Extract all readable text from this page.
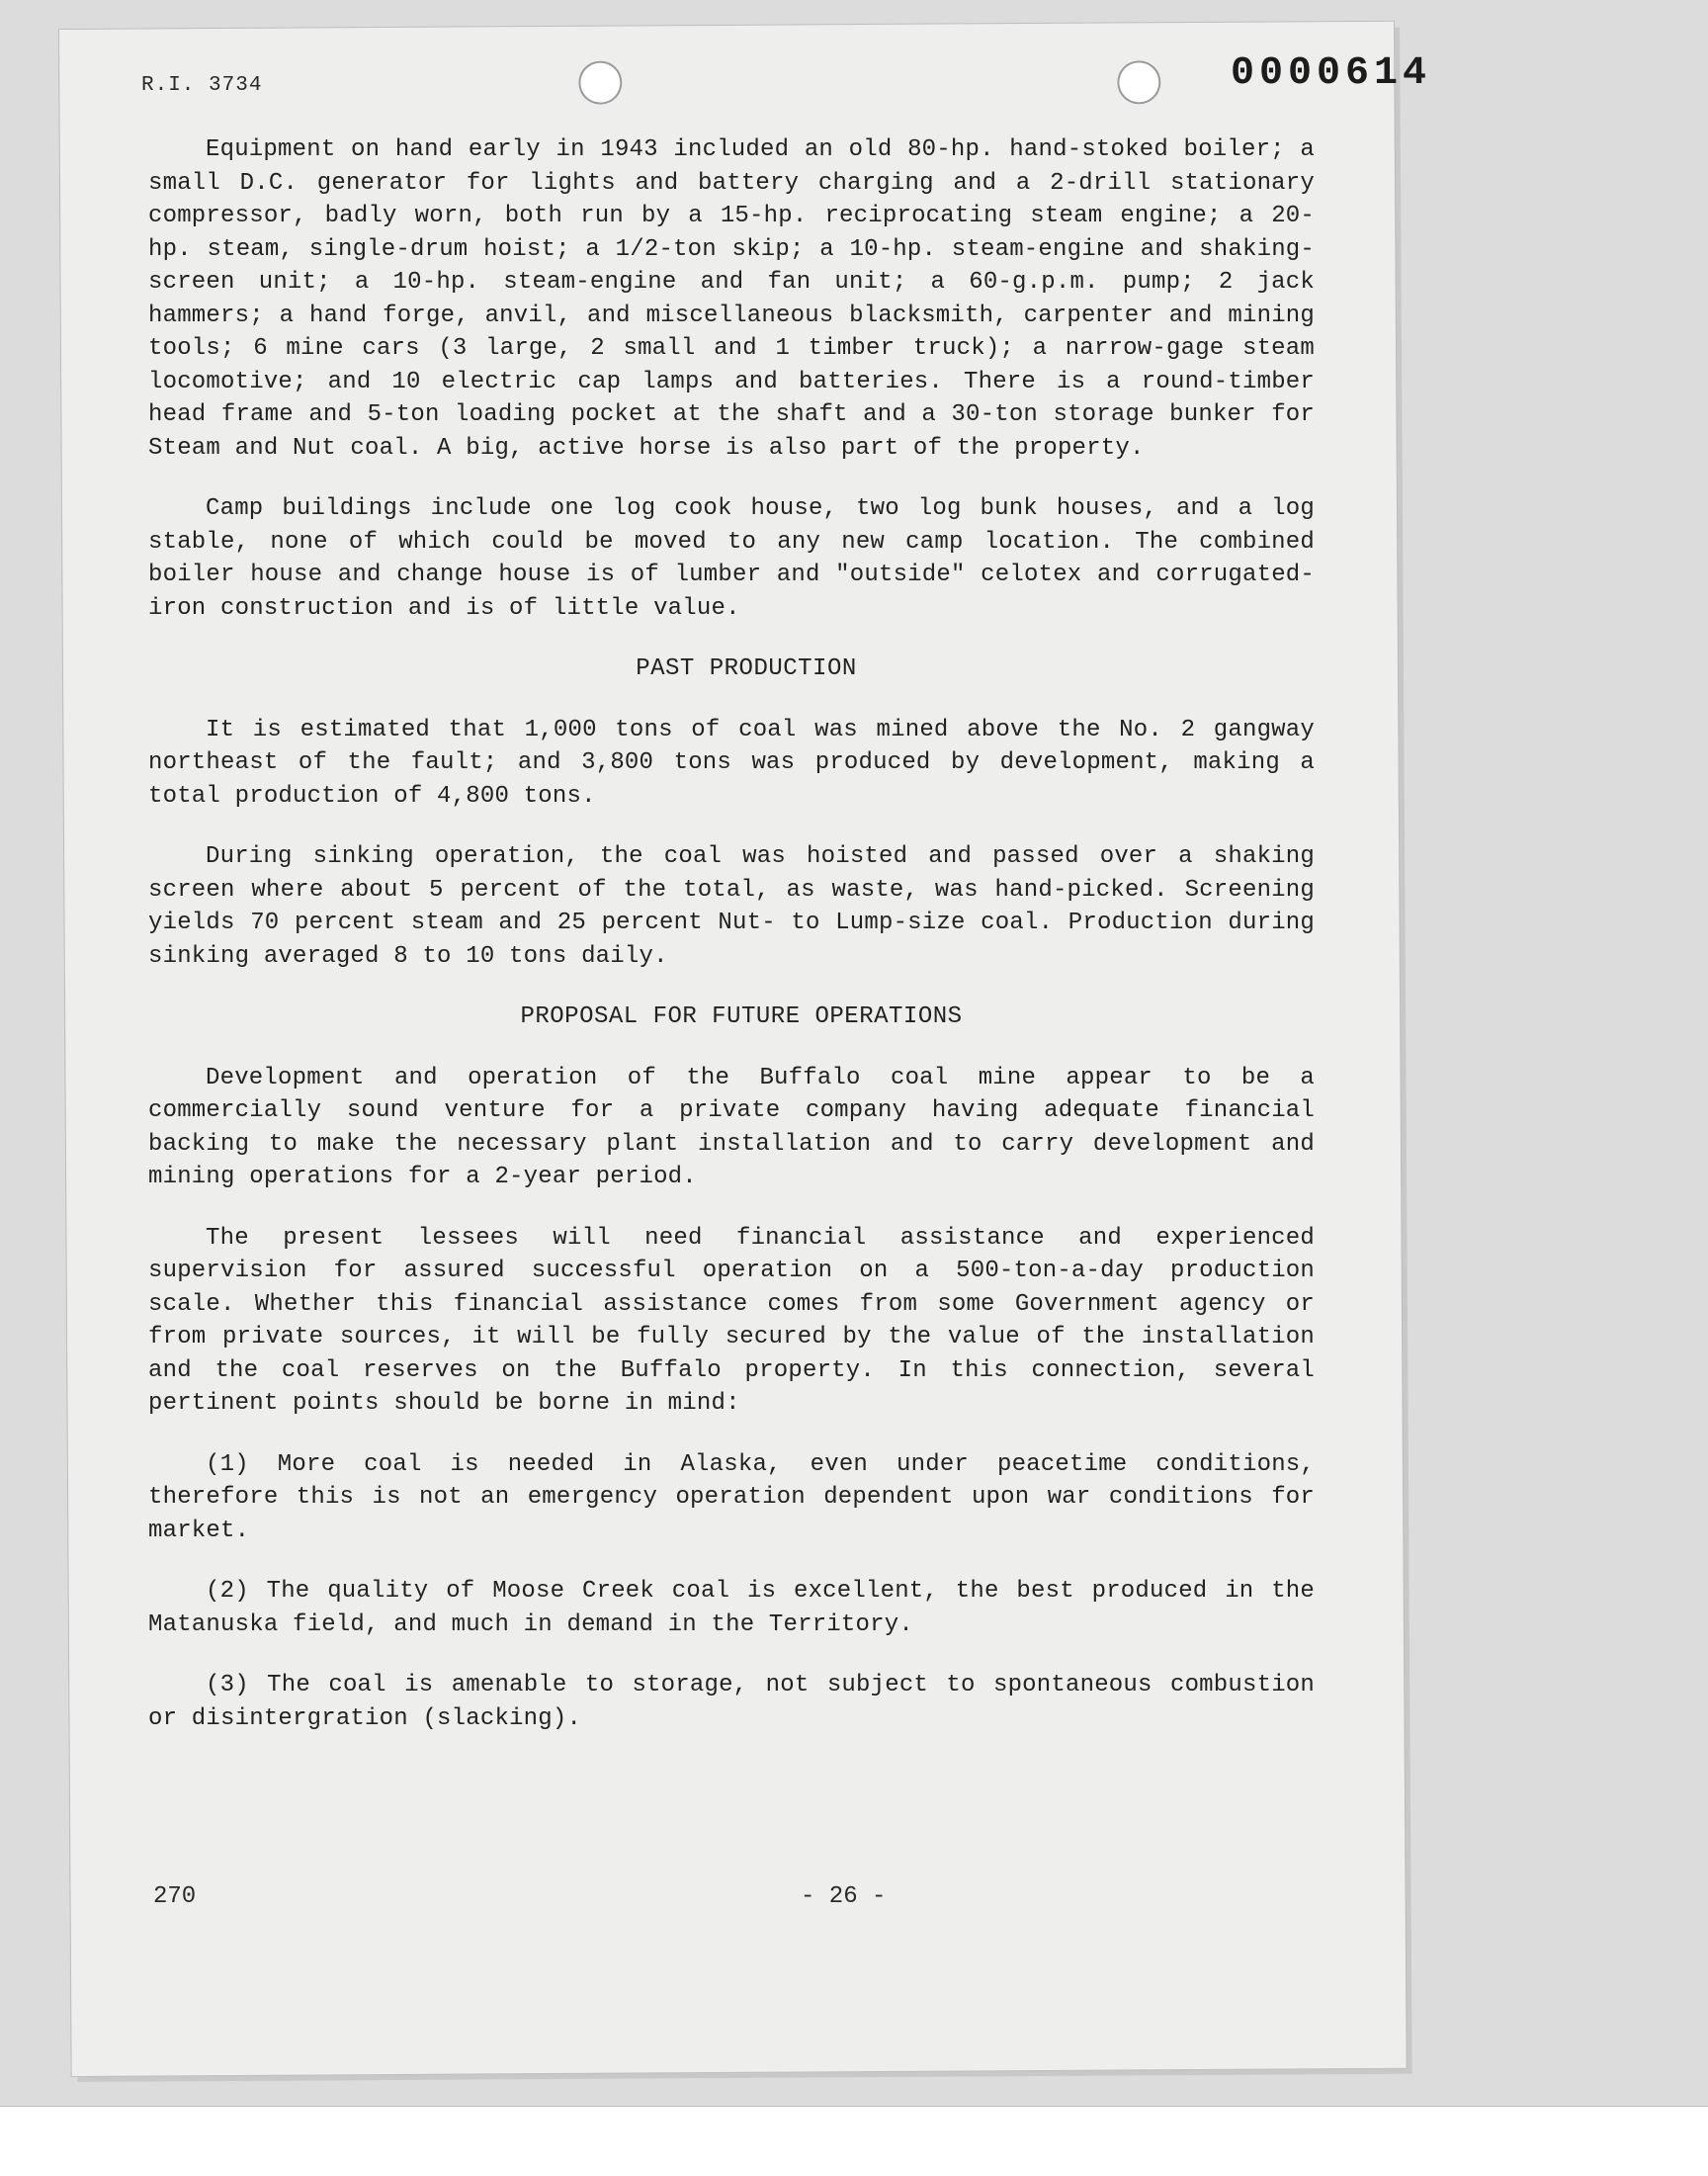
R.I. 3734	0000614

Equipment on hand early in 1943 included an old 80-hp. hand-stoked boiler; a small D.C. generator for lights and battery charging and a 2-drill stationary compressor, badly worn, both run by a 15-hp. reciprocating steam engine; a 20-hp. steam, single-drum hoist; a 1/2-ton skip; a 10-hp. steam-engine and shaking-screen unit; a 10-hp. steam-engine and fan unit; a 60-g.p.m. pump; 2 jack hammers; a hand forge, anvil, and miscellaneous blacksmith, carpenter and mining tools; 6 mine cars (3 large, 2 small and 1 timber truck); a narrow-gage steam locomotive; and 10 electric cap lamps and batteries. There is a round-timber head frame and 5-ton loading pocket at the shaft and a 30-ton storage bunker for Steam and Nut coal. A big, active horse is also part of the property.

Camp buildings include one log cook house, two log bunk houses, and a log stable, none of which could be moved to any new camp location. The combined boiler house and change house is of lumber and "outside" celotex and corrugated-iron construction and is of little value.

PAST PRODUCTION

It is estimated that 1,000 tons of coal was mined above the No. 2 gangway northeast of the fault; and 3,800 tons was produced by development, making a total production of 4,800 tons.

During sinking operation, the coal was hoisted and passed over a shaking screen where about 5 percent of the total, as waste, was hand-picked. Screening yields 70 percent steam and 25 percent Nut- to Lump-size coal. Production during sinking averaged 8 to 10 tons daily.

PROPOSAL FOR FUTURE OPERATIONS

Development and operation of the Buffalo coal mine appear to be a commercially sound venture for a private company having adequate financial backing to make the necessary plant installation and to carry development and mining operations for a 2-year period.

The present lessees will need financial assistance and experienced supervision for assured successful operation on a 500-ton-a-day production scale. Whether this financial assistance comes from some Government agency or from private sources, it will be fully secured by the value of the installation and the coal reserves on the Buffalo property. In this connection, several pertinent points should be borne in mind:

(1) More coal is needed in Alaska, even under peacetime conditions, therefore this is not an emergency operation dependent upon war conditions for market.

(2) The quality of Moose Creek coal is excellent, the best produced in the Matanuska field, and much in demand in the Territory.

(3) The coal is amenable to storage, not subject to spontaneous combustion or disintergration (slacking).

270	- 26 -
